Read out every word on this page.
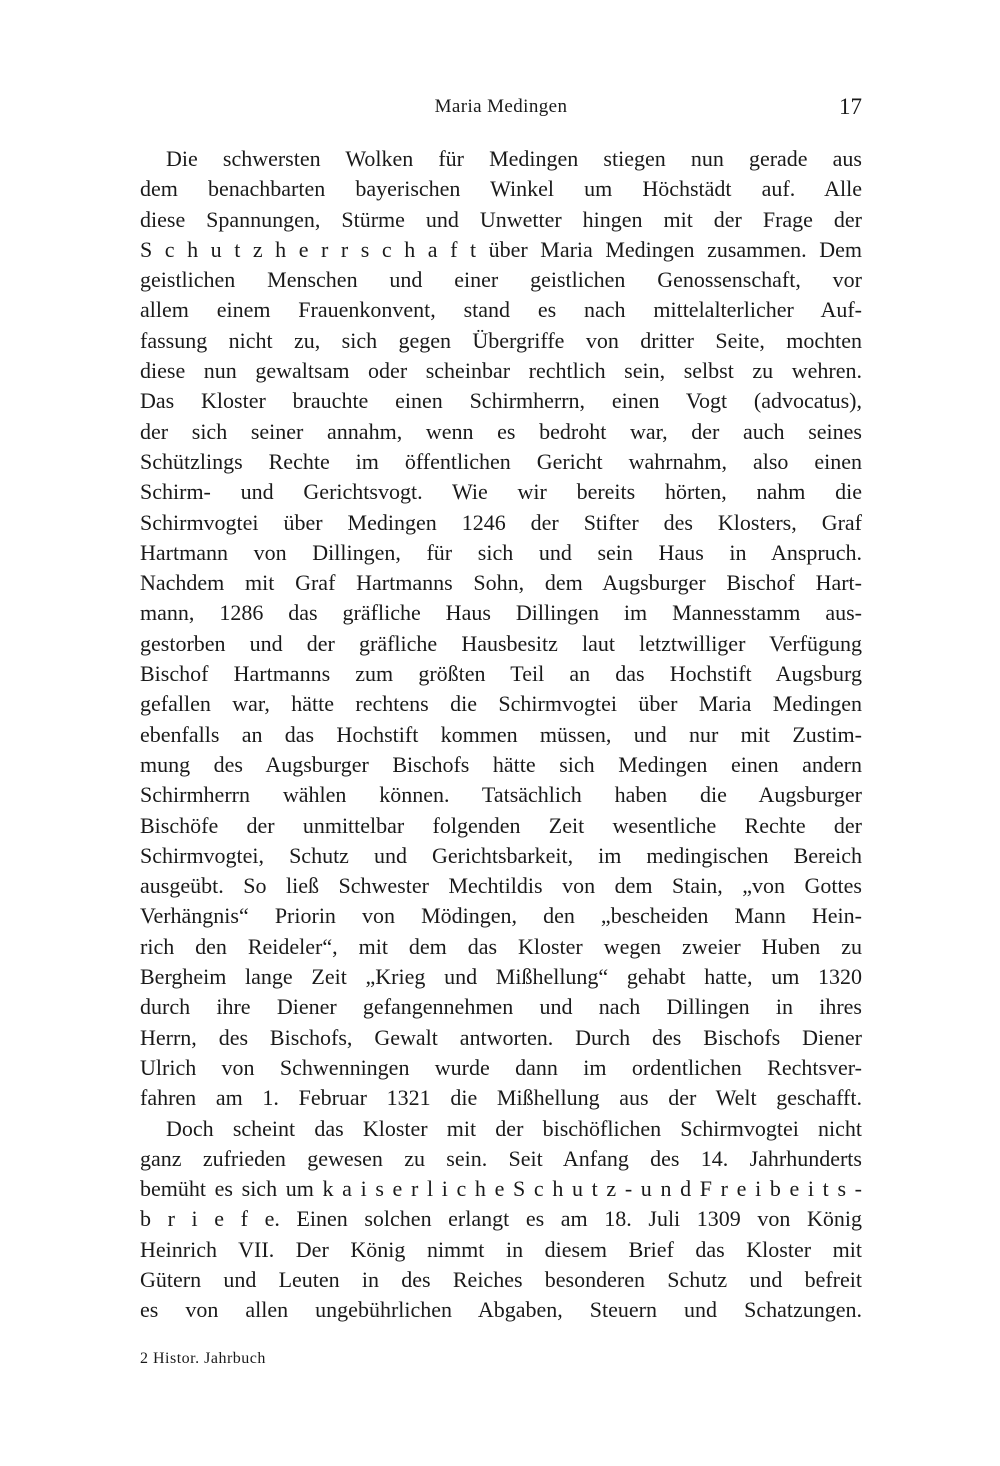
Maria Medingen	17
Die schwersten Wolken für Medingen stiegen nun gerade aus
dem benachbarten bayerischen Winkel um Höchstädt auf. Alle
diese Spannungen, Stürme und Unwetter hingen mit der Frage der
S c h u t z h e r r s c h a f t über Maria Medingen zusammen. Dem
geistlichen Menschen und einer geistlichen Genossenschaft, vor
allem einem Frauenkonvent, stand es nach mittelalterlicher Auf-
fassung nicht zu, sich gegen Übergriffe von dritter Seite, mochten
diese nun gewaltsam oder scheinbar rechtlich sein, selbst zu wehren.
Das Kloster brauchte einen Schirmherrn, einen Vogt (advocatus),
der sich seiner annahm, wenn es bedroht war, der auch seines
Schützlings Rechte im öffentlichen Gericht wahrnahm, also einen
Schirm- und Gerichtsvogt. Wie wir bereits hörten, nahm die
Schirmvogtei über Medingen 1246 der Stifter des Klosters, Graf
Hartmann von Dillingen, für sich und sein Haus in Anspruch.
Nachdem mit Graf Hartmanns Sohn, dem Augsburger Bischof Hart-
mann, 1286 das gräfliche Haus Dillingen im Mannesstamm aus-
gestorben und der gräfliche Hausbesitz laut letztwilliger Verfügung
Bischof Hartmanns zum größten Teil an das Hochstift Augsburg
gefallen war, hätte rechtens die Schirmvogtei über Maria Medingen
ebenfalls an das Hochstift kommen müssen, und nur mit Zustim-
mung des Augsburger Bischofs hätte sich Medingen einen andern
Schirmherrn wählen können. Tatsächlich haben die Augsburger
Bischöfe der unmittelbar folgenden Zeit wesentliche Rechte der
Schirmvogtei, Schutz und Gerichtsbarkeit, im medingischen Bereich
ausgeübt. So ließ Schwester Mechtildis von dem Stain, „von Gottes
Verhängnis“ Priorin von Mödingen, den „bescheiden Mann Hein-
rich den Reideler“, mit dem das Kloster wegen zweier Huben zu
Bergheim lange Zeit „Krieg und Mißhellung“ gehabt hatte, um 1320
durch ihre Diener gefangennehmen und nach Dillingen in ihres
Herrn, des Bischofs, Gewalt antworten. Durch des Bischofs Diener
Ulrich von Schwenningen wurde dann im ordentlichen Rechtsver-
fahren am 1. Februar 1321 die Mißhellung aus der Welt geschafft.
Doch scheint das Kloster mit der bischöflichen Schirmvogtei nicht
ganz zufrieden gewesen zu sein. Seit Anfang des 14. Jahrhunderts
bemüht es sich um k a i s e r l i c h e S c h u t z - u n d F r e i b e i t s -
b r i e f e. Einen solchen erlangt es am 18. Juli 1309 von König
Heinrich VII. Der König nimmt in diesem Brief das Kloster mit
Gütern und Leuten in des Reiches besonderen Schutz und befreit
es von allen ungebührlichen Abgaben, Steuern und Schatzungen.
2 Histor. Jahrbuch
